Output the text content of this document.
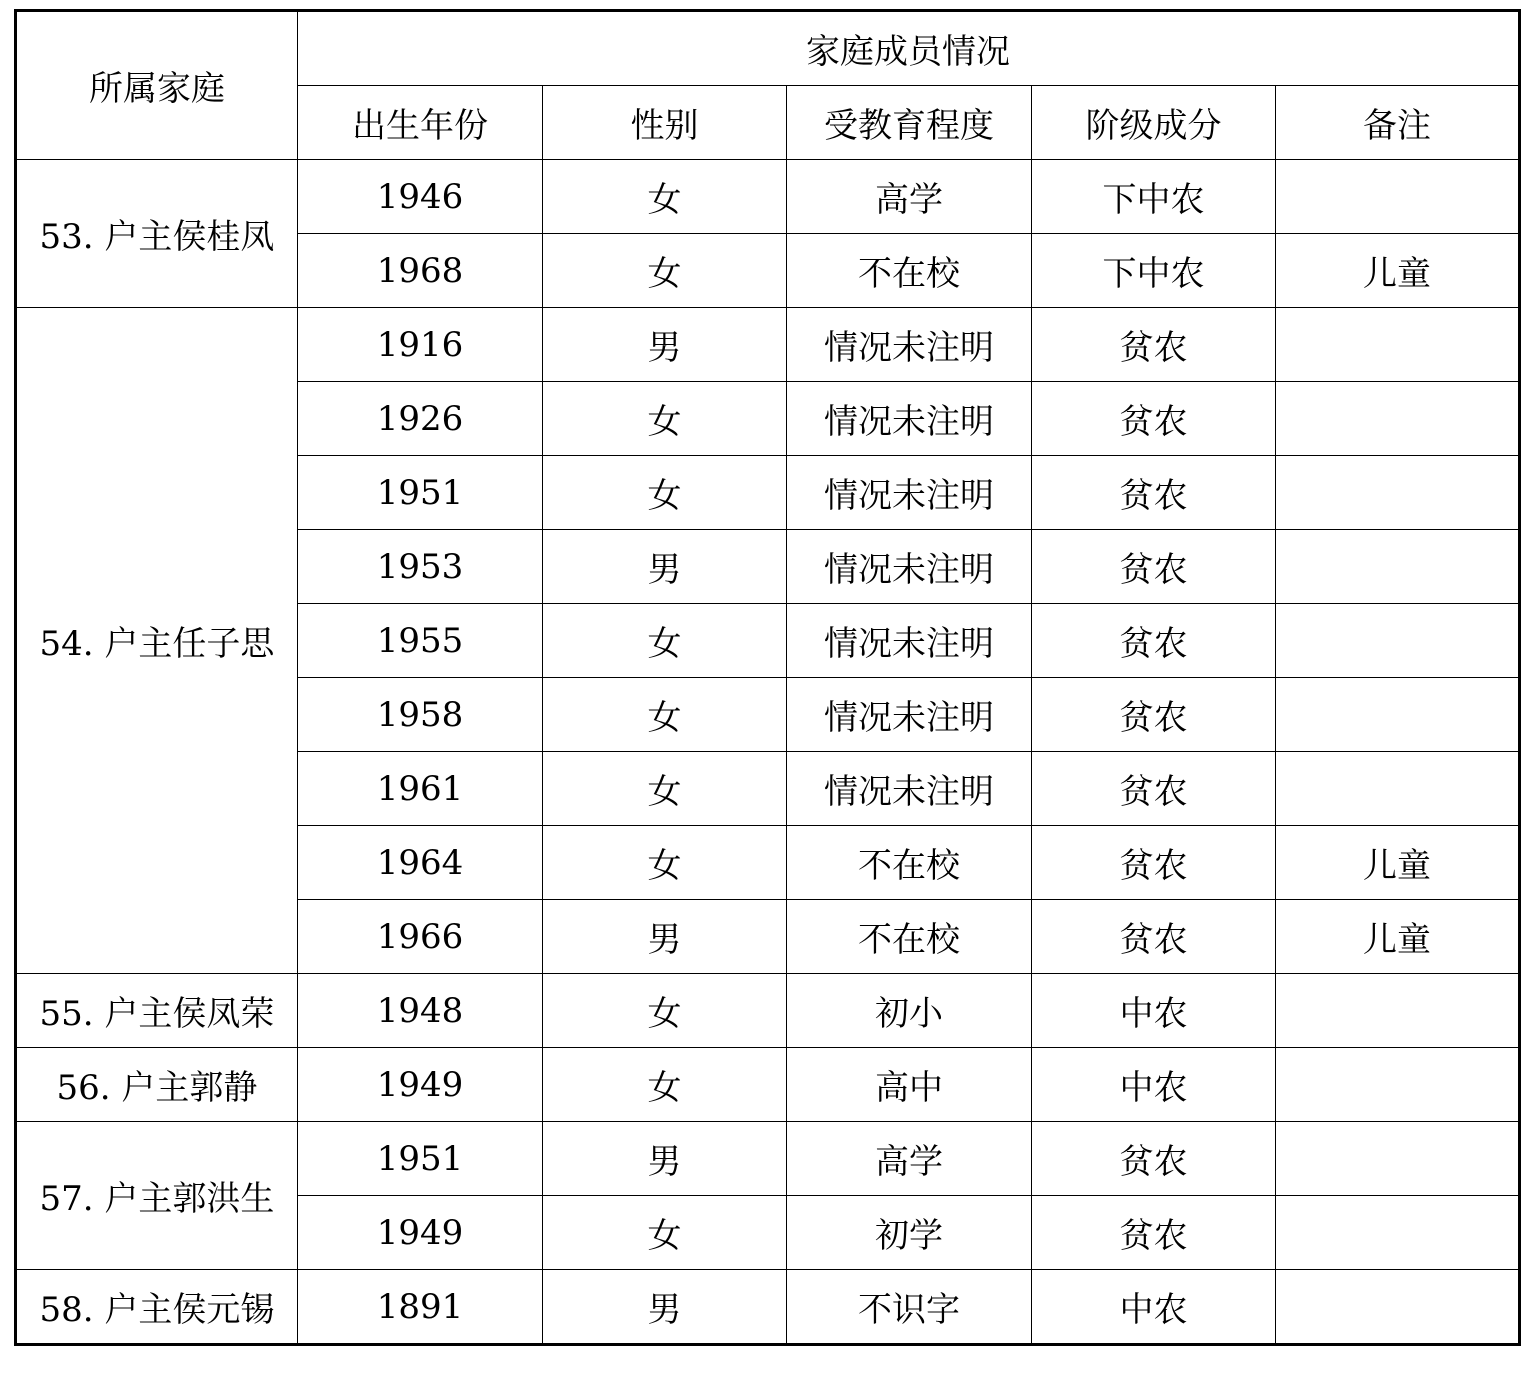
所属家庭	家庭成员情况				
	出生年份	性别	受教育程度	阶级成分	备注
53. 户主侯桂凤	1946	女	高学	下中农	
	1968	女	不在校	下中农	儿童
54. 户主任子思	1916	男	情况未注明	贫农	
	1926	女	情况未注明	贫农	
	1951	女	情况未注明	贫农	
	1953	男	情况未注明	贫农	
	1955	女	情况未注明	贫农	
	1958	女	情况未注明	贫农	
	1961	女	情况未注明	贫农	
	1964	女	不在校	贫农	儿童
	1966	男	不在校	贫农	儿童
55. 户主侯凤荣	1948	女	初小	中农	
56. 户主郭静	1949	女	高中	中农	
57. 户主郭洪生	1951	男	高学	贫农	
	1949	女	初学	贫农	
58. 户主侯元锡	1891	男	不识字	中农	
